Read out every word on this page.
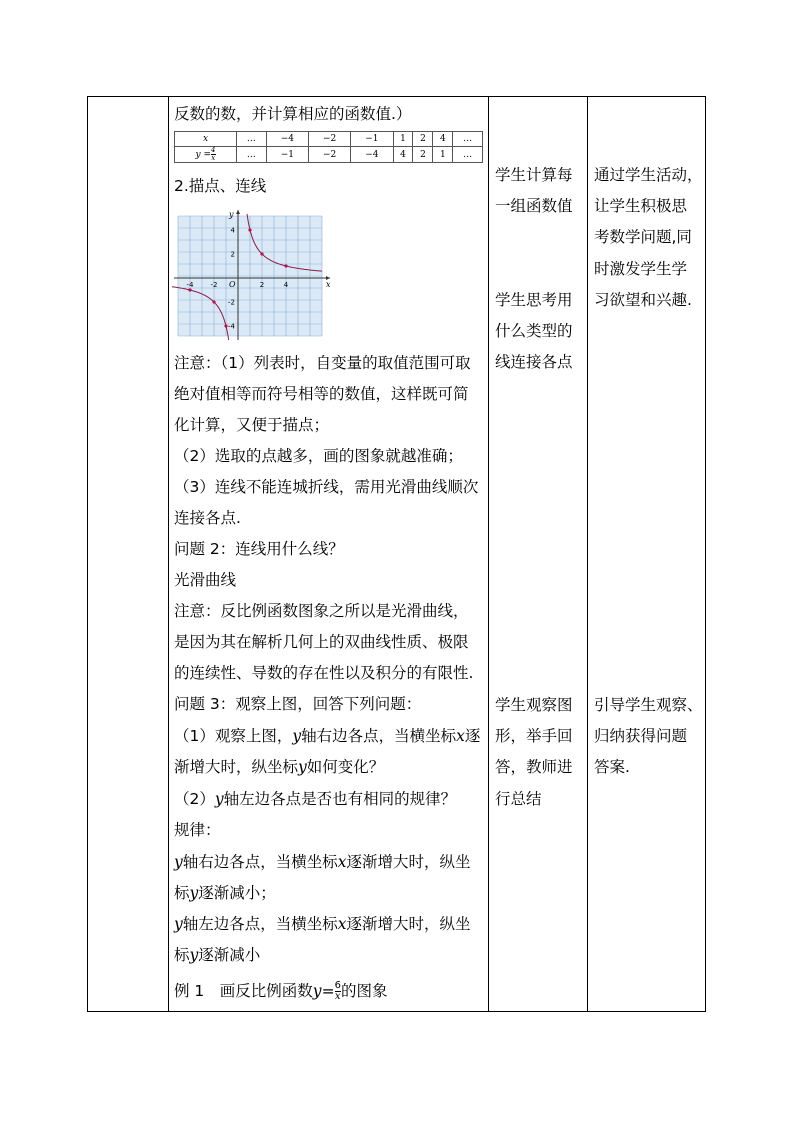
反数的数，并计算相应的函数值.）
x	…	−4	−2	−1	1	2	4	…
$y = \frac{4}{x}$	…	−1	−2	−4	4	2	1	…
2.描点、连线
y
x
O
-4 -2	2	4
4
2
-2
-4
注意：（1）列表时，自变量的取值范围可取
绝对值相等而符号相等的数值，这样既可简
化计算，又便于描点；
（2）选取的点越多，画的图象就越准确；
（3）连线不能连城折线，需用光滑曲线顺次
连接各点.
问题 2：连线用什么线？
光滑曲线
注意：反比例函数图象之所以是光滑曲线，
是因为其在解析几何上的双曲线性质、极限
的连续性、导数的存在性以及积分的有限性.
问题 3：观察上图，回答下列问题：
（1）观察上图，y轴右边各点，当横坐标x逐
渐增大时，纵坐标y如何变化？
（2）y轴左边各点是否也有相同的规律？
规律：
y轴右边各点，当横坐标x逐渐增大时，纵坐
标y逐渐减小；
y轴左边各点，当横坐标x逐渐增大时，纵坐
标y逐渐减小
例 1　画反比例函数$y= \frac{6}{x}$ 的图象
学生计算每
一组函数值
学生思考用
什么类型的
线连接各点
学生观察图
形，举手回
答，教师进
行总结
通过学生活动，
让学生积极思
考数学问题,同
时激发学生学
习欲望和兴趣.
引导学生观察、
归纳获得问题
答案.
